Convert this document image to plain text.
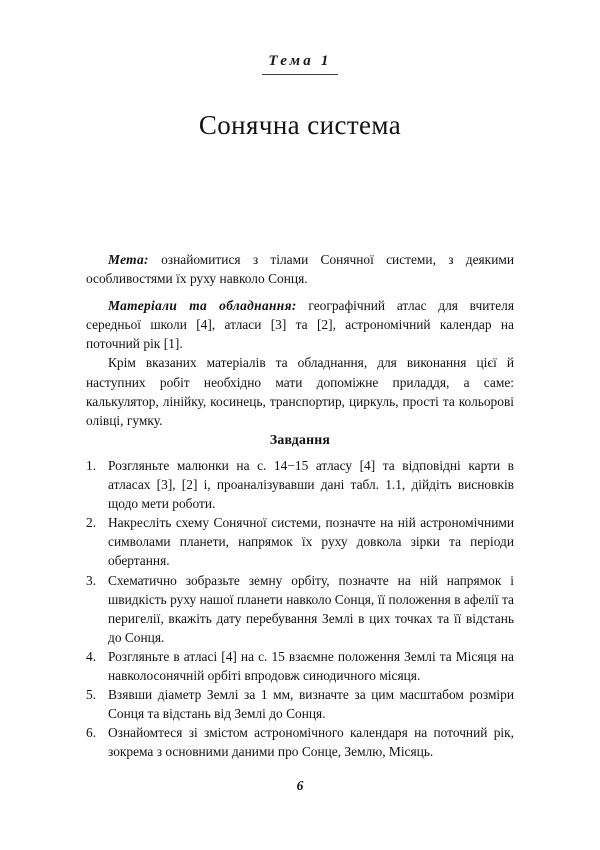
Тема 1
Сонячна система

Мета: ознайомитися з тілами Сонячної системи, з деякими особливостями їх руху навколо Сонця.

Матеріали та обладнання: географічний атлас для вчителя середньої школи [4], атласи [3] та [2], астрономічний календар на поточний рік [1].

Крім вказаних матеріалів та обладнання, для виконання цієї й наступних робіт необхідно мати допоміжне приладдя, а саме: калькулятор, лінійку, косинець, транспортир, циркуль, прості та кольорові олівці, гумку.

Завдання
1. Розгляньте малюнки на с. 14−15 атласу [4] та відповідні карти в атласах [3], [2] і, проаналізувавши дані табл. 1.1, дійдіть висновків щодо мети роботи.
2. Накресліть схему Сонячної системи, позначте на ній астрономічними символами планети, напрямок їх руху довкола зірки та періоди обертання.
3. Схематично зобразьте земну орбіту, позначте на ній напрямок і швидкість руху нашої планети навколо Сонця, її положення в афелії та перигелії, вкажіть дату перебування Землі в цих точках та її відстань до Сонця.
4. Розгляньте в атласі [4] на с. 15 взаємне положення Землі та Місяця на навколосонячній орбіті впродовж синодичного місяця.
5. Взявши діаметр Землі за 1 мм, визначте за цим масштабом розміри Сонця та відстань від Землі до Сонця.
6. Ознайомтеся зі змістом астрономічного календаря на поточний рік, зокрема з основними даними про Сонце, Землю, Місяць.
6
